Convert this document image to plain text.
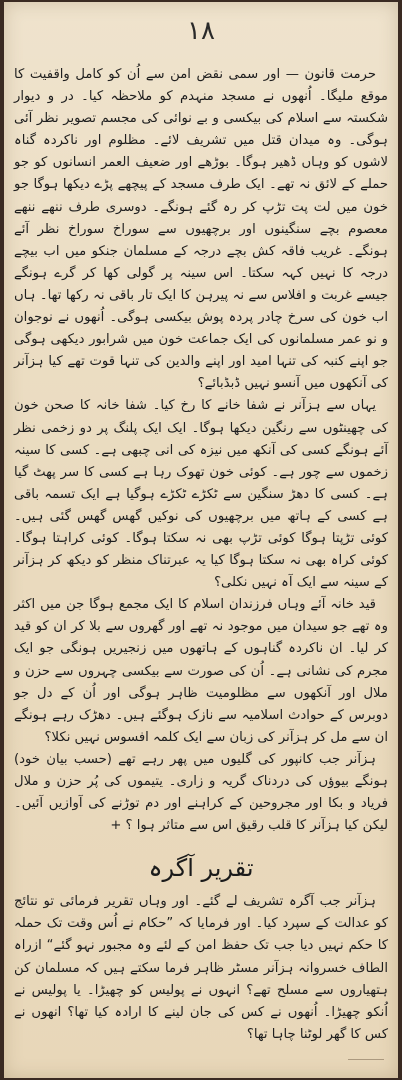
۱۸

حرمت قانون — اور سمی نقض امن سے اُن کو کامل واقفیت کا موقع ملیگا۔ اُنھوں نے مسجد منہدم کو ملاحظہ کیا۔ در و دیوار شکستہ سے اسلام کی بیکسی و بے نوائی کی مجسم تصویر نظر آئی ہوگی۔ وہ میدان قتل میں تشریف لائے۔ مظلوم اور ناکردہ گناہ لاشوں کو وہاں ڈھیر ہوگا۔ بوڑھے اور ضعیف العمر انسانوں کو جو حملے کے لائق نہ تھے۔ ایک طرف مسجد کے پیچھے پڑے دیکھا ہوگا جو خون میں لت پت تڑپ کر رہ گئے ہونگے۔ دوسری طرف ننھے ننھے معصوم بچے سنگینوں اور برچھیوں سے سوراخ سوراخ نظر آئے ہونگے۔ غریب فاقہ کش بچے درجہ کے مسلمان جنکو میں اب بیچے درجہ کا نہیں کہہ سکتا۔ اس سینہ پر گولی کھا کر گرے ہونگے جیسے غربت و افلاس سے نہ پیرہن کا ایک تار باقی نہ رکھا تھا۔ ہاں اب خون کی سرخ چادر پردہ پوش بیکسی ہوگی۔ اُنھوں نے نوجوان و نو عمر مسلمانوں کی ایک جماعت خون میں شرابور دیکھی ہوگی جو اپنے کنبہ کی تنہا امید اور اپنے والدین کی تنہا قوت تھے کیا ہزآنر کی آنکھوں میں آنسو نہیں ڈبڈبائے؟

یہاں سے ہزآنر نے شفا خانے کا رخ کیا۔ شفا خانہ کا صحن خون کی چھینٹوں سے رنگین دیکھا ہوگا۔ ایک ایک پلنگ پر دو زخمی نظر آئے ہونگے کسی کی آنکھ میں نیزہ کی انی چبھی ہے۔ کسی کا سینہ زخموں سے چور ہے۔ کوئی خون تھوک رہا ہے کسی کا سر پھٹ گیا ہے۔ کسی کا دھڑ سنگین سے ٹکڑے ٹکڑے ہوگیا ہے ایک تسمہ باقی ہے کسی کے ہاتھ میں برچھیوں کی نوکیں گھس گھس گئی ہیں۔ کوئی تڑپتا ہوگا کوئی تڑپ بھی نہ سکتا ہوگا۔ کوئی کراہتا ہوگا۔ کوئی کراہ بھی نہ سکتا ہوگا کیا یہ عبرتناک منظر کو دیکھ کر ہزآنر کے سینہ سے ایک آہ نہیں نکلی؟

قید خانہ آئے وہاں فرزندان اسلام کا ایک مجمع ہوگا جن میں اکثر وہ تھے جو سیدان میں موجود نہ تھے اور گھروں سے بلا کر ان کو قید کر لیا۔ ان ناکردہ گناہوں کے ہاتھوں میں زنجیریں ہونگی جو ایک مجرم کی نشانی ہے۔ اُن کی صورت سے بیکسی چہروں سے حزن و ملال اور آنکھوں سے مظلومیت ظاہر ہوگی اور اُن کے دل جو دوبرس کے حوادث اسلامیہ سے نازک ہوگئے ہیں۔ دھڑک رہے ہونگے ان سے مل کر ہزآنر کی زبان سے ایک کلمہ افسوس نہیں نکلا؟

ہزآنر جب کانپور کی گلیوں میں پھر رہے تھے (حسب بیان خود) ہونگے بیوؤں کی دردناک گریہ و زاری۔ یتیموں کی پُر حزن و ملال فریاد و بکا اور مجروحین کے کراہنے اور دم توڑنے کی آوازیں آئیں۔ لیکن کیا ہزآنر کا قلب رقیق اس سے متاثر ہوا ؟ +

تقریر آگرہ

ہزآنر جب آگرہ تشریف لے گئے۔ اور وہاں تقریر فرمائی تو نتائج کو عدالت کے سپرد کیا۔ اور فرمایا کہ ”حکام نے اُس وقت تک حملہ کا حکم نہیں دیا جب تک حفظ امن کے لئے وہ مجبور نہو گئے“ ازراہ الطاف خسروانہ ہزآنر مسٹر ظاہر فرما سکتے ہیں کہ مسلمان کن ہتھیاروں سے مسلح تھے؟ انہوں نے پولیس کو چھیڑا۔ یا پولیس نے اُنکو چھیڑا۔ اُنھوں نے کس کی جان لینے کا ارادہ کیا تھا؟ انھوں نے کس کا گھر لوٹنا چاہا تھا؟
